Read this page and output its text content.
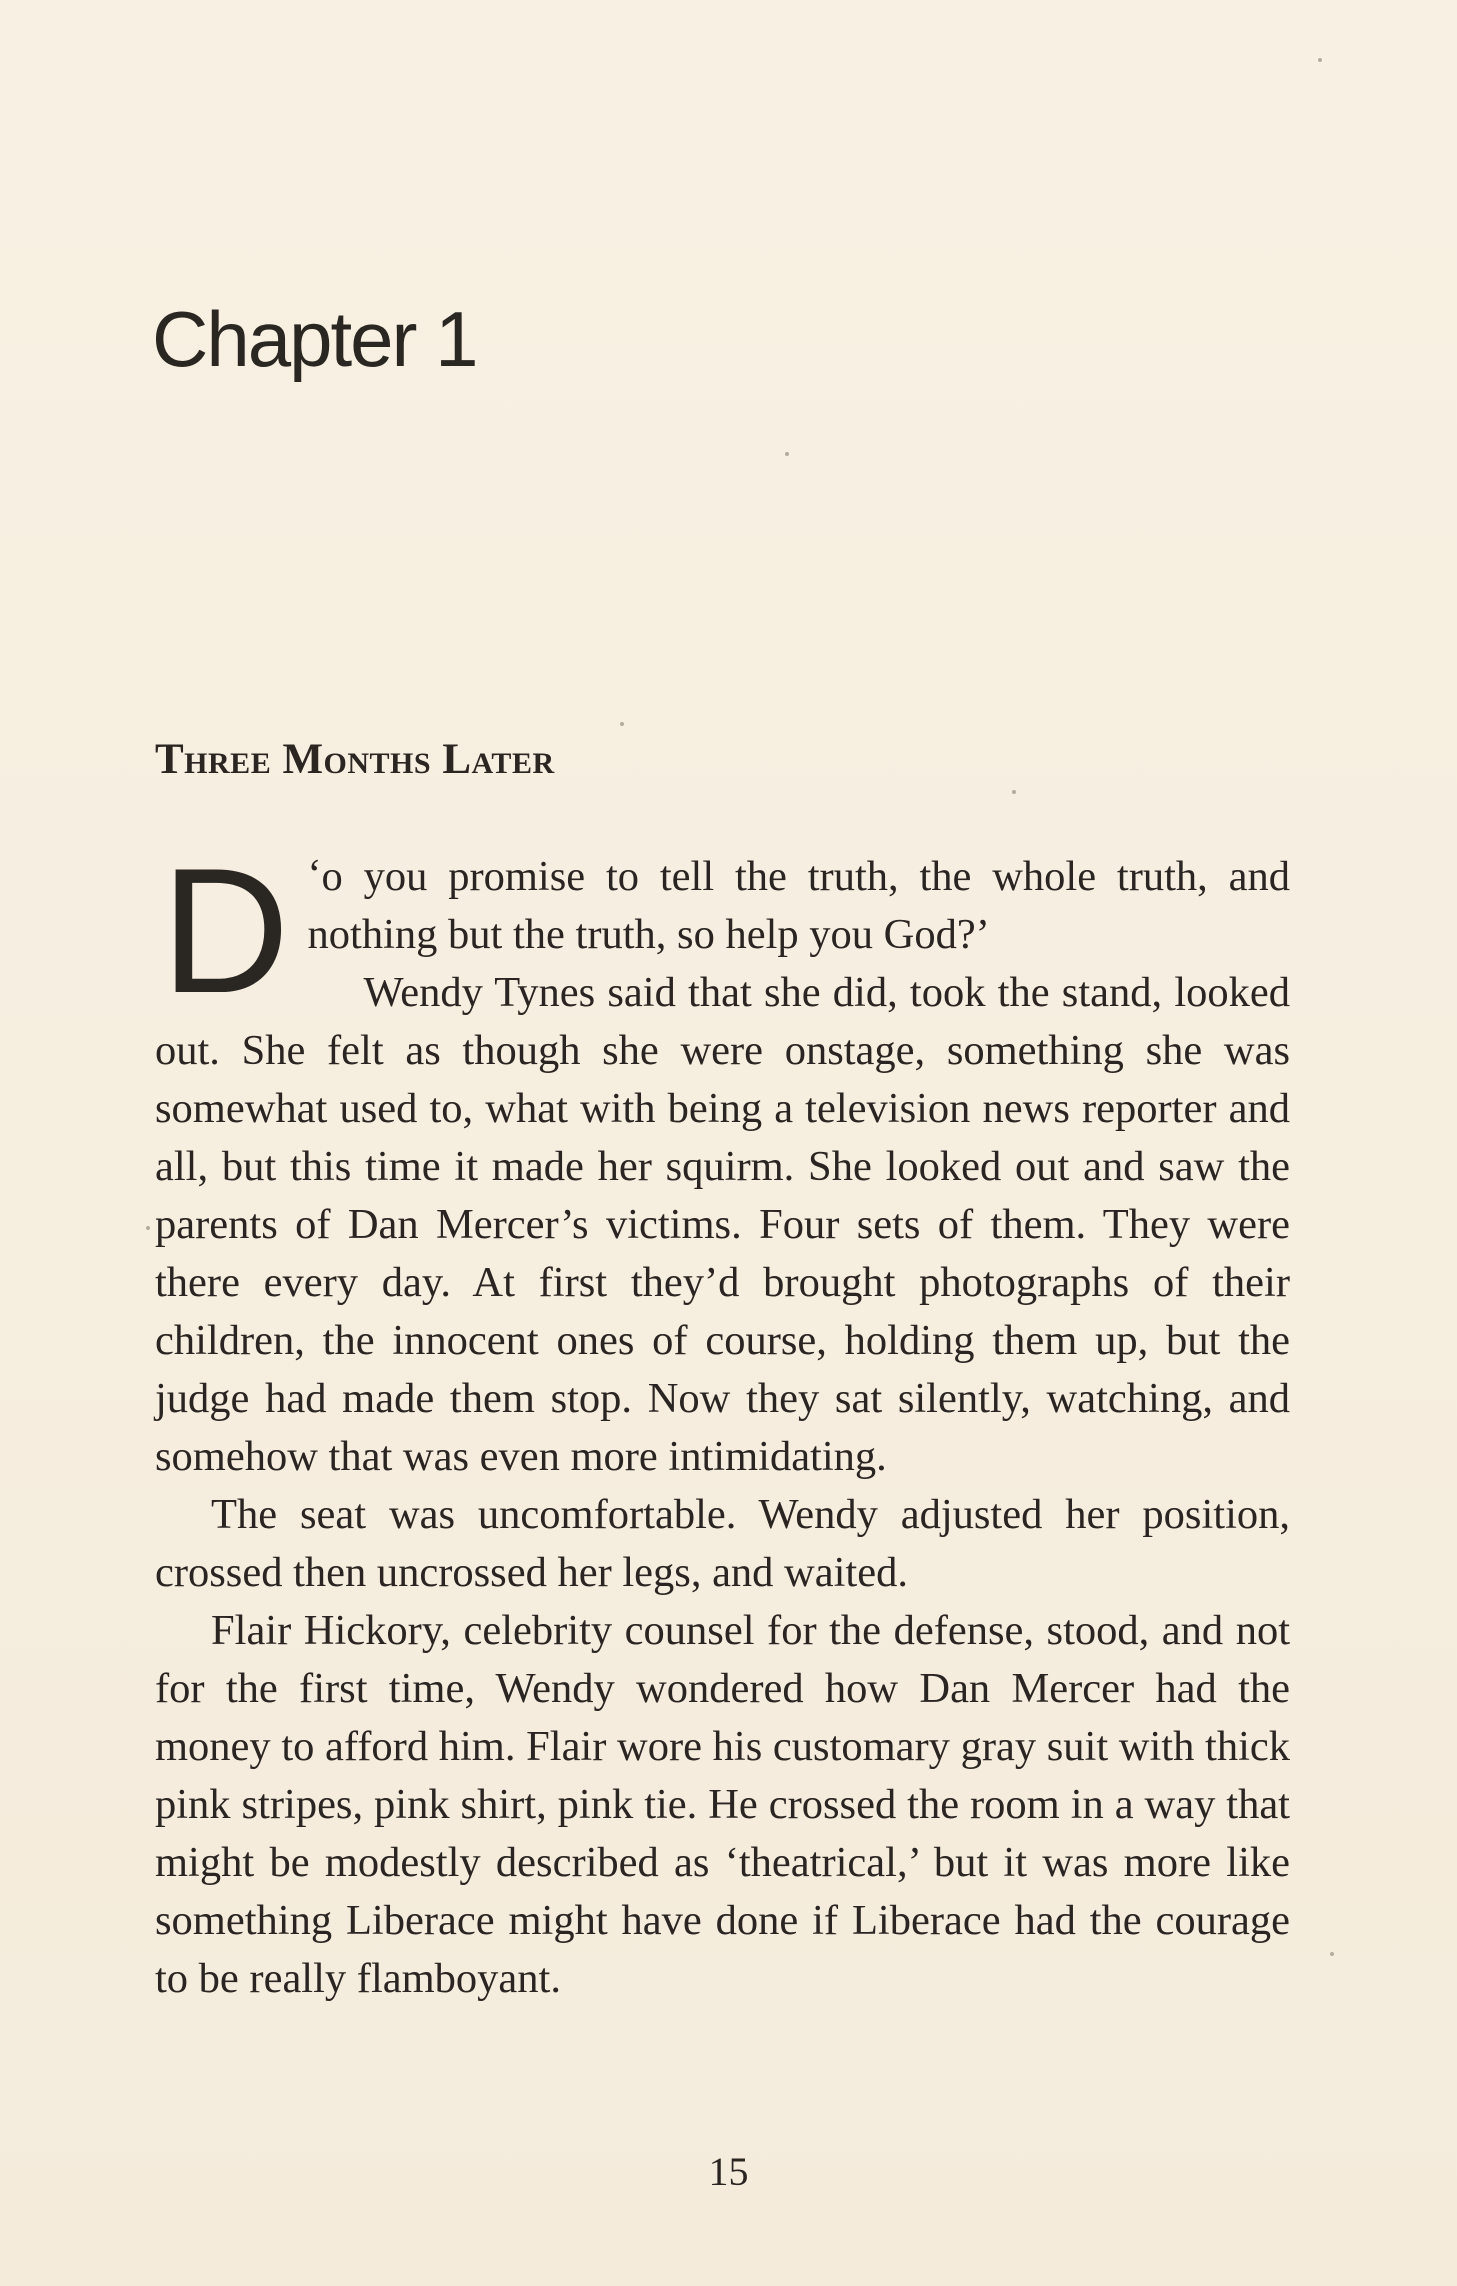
Chapter 1
Three Months Later

D ‘o you promise to tell the truth, the whole truth, and nothing but the truth, so help you God?’

Wendy Tynes said that she did, took the stand, looked out. She felt as though she were onstage, something she was somewhat used to, what with being a television news reporter and all, but this time it made her squirm. She looked out and saw the parents of Dan Mercer’s victims. Four sets of them. They were there every day. At first they’d brought photographs of their children, the innocent ones of course, holding them up, but the judge had made them stop. Now they sat silently, watching, and somehow that was even more intimidating.

The seat was uncomfortable. Wendy adjusted her position, crossed then uncrossed her legs, and waited.

Flair Hickory, celebrity counsel for the defense, stood, and not for the first time, Wendy wondered how Dan Mercer had the money to afford him. Flair wore his customary gray suit with thick pink stripes, pink shirt, pink tie. He crossed the room in a way that might be modestly described as ‘theatrical,’ but it was more like something Liberace might have done if Liberace had the courage to be really flamboyant.

15
